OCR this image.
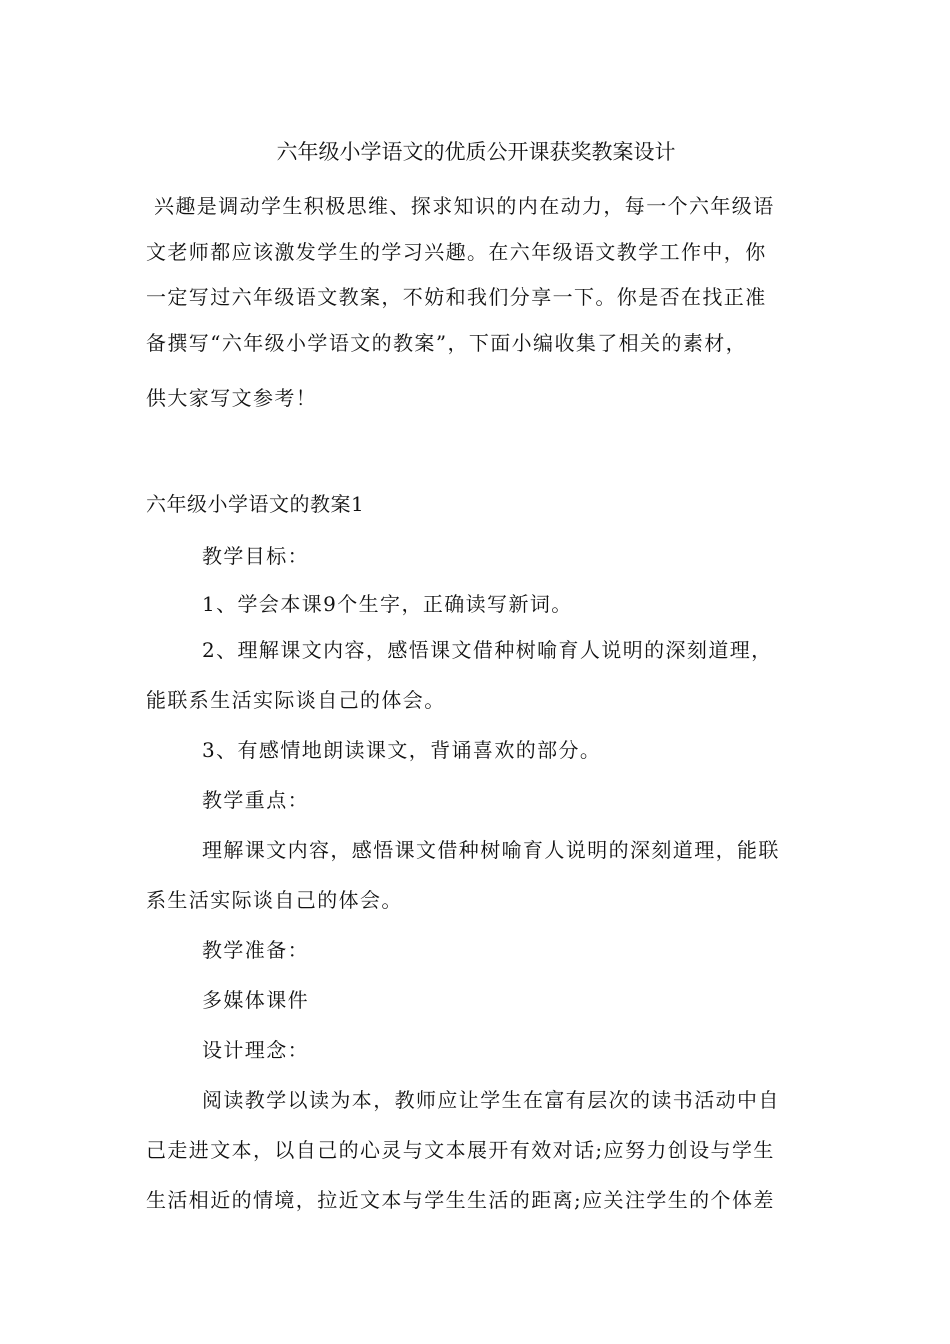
六年级小学语文的优质公开课获奖教案设计
兴趣是调动学生积极思维、探求知识的内在动力，每一个六年级语
文老师都应该激发学生的学习兴趣。在六年级语文教学工作中，你
一定写过六年级语文教案，不妨和我们分享一下。你是否在找正准
备撰写“六年级小学语文的教案”，下面小编收集了相关的素材，
供大家写文参考！
六年级小学语文的教案1
教学目标：
1、学会本课9个生字，正确读写新词。
2、理解课文内容，感悟课文借种树喻育人说明的深刻道理，
能联系生活实际谈自己的体会。
3、有感情地朗读课文，背诵喜欢的部分。
教学重点：
理解课文内容，感悟课文借种树喻育人说明的深刻道理，能联
系生活实际谈自己的体会。
教学准备：
多媒体课件
设计理念：
阅读教学以读为本，教师应让学生在富有层次的读书活动中自
己走进文本，以自己的心灵与文本展开有效对话;应努力创设与学生
生活相近的情境，拉近文本与学生生活的距离;应关注学生的个体差
